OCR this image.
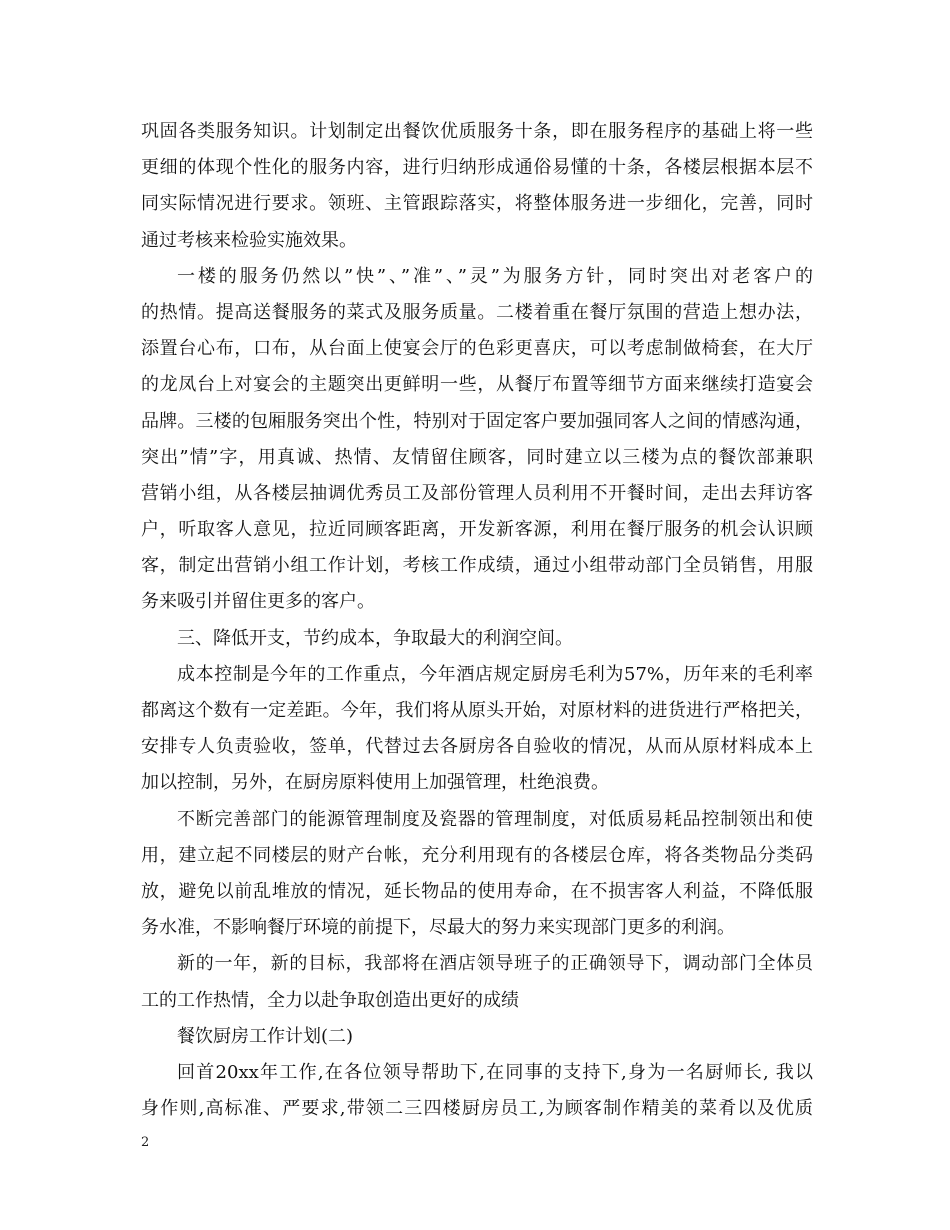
巩固各类服务知识。计划制定出餐饮优质服务十条，即在服务程序的基础上将一些
更细的体现个性化的服务内容，进行归纳形成通俗易懂的十条，各楼层根据本层不
同实际情况进行要求。领班、主管跟踪落实，将整体服务进一步细化，完善，同时
通过考核来检验实施效果。
一楼的服务仍然以”快”、”准”、”灵”为服务方针，同时突出对老客户的
的热情。提高送餐服务的菜式及服务质量。二楼着重在餐厅氛围的营造上想办法，
添置台心布，口布，从台面上使宴会厅的色彩更喜庆，可以考虑制做椅套，在大厅
的龙凤台上对宴会的主题突出更鲜明一些，从餐厅布置等细节方面来继续打造宴会
品牌。三楼的包厢服务突出个性，特别对于固定客户要加强同客人之间的情感沟通，
突出”情”字，用真诚、热情、友情留住顾客，同时建立以三楼为点的餐饮部兼职
营销小组，从各楼层抽调优秀员工及部份管理人员利用不开餐时间，走出去拜访客
户，听取客人意见，拉近同顾客距离，开发新客源，利用在餐厅服务的机会认识顾
客，制定出营销小组工作计划，考核工作成绩，通过小组带动部门全员销售，用服
务来吸引并留住更多的客户。
三、降低开支，节约成本，争取最大的利润空间。
成本控制是今年的工作重点，今年酒店规定厨房毛利为57%，历年来的毛利率
都离这个数有一定差距。今年，我们将从原头开始，对原材料的进货进行严格把关，
安排专人负责验收，签单，代替过去各厨房各自验收的情况，从而从原材料成本上
加以控制，另外，在厨房原料使用上加强管理，杜绝浪费。
不断完善部门的能源管理制度及瓷器的管理制度，对低质易耗品控制领出和使
用，建立起不同楼层的财产台帐，充分利用现有的各楼层仓库，将各类物品分类码
放，避免以前乱堆放的情况，延长物品的使用寿命，在不损害客人利益，不降低服
务水准，不影响餐厅环境的前提下，尽最大的努力来实现部门更多的利润。
新的一年，新的目标，我部将在酒店领导班子的正确领导下，调动部门全体员
工的工作热情，全力以赴争取创造出更好的成绩
餐饮厨房工作计划(二)
回首20xx年工作,在各位领导帮助下,在同事的支持下,身为一名厨师长, 我以
身作则,高标准、严要求,带领二三四楼厨房员工,为顾客制作精美的菜肴以及优质
2
